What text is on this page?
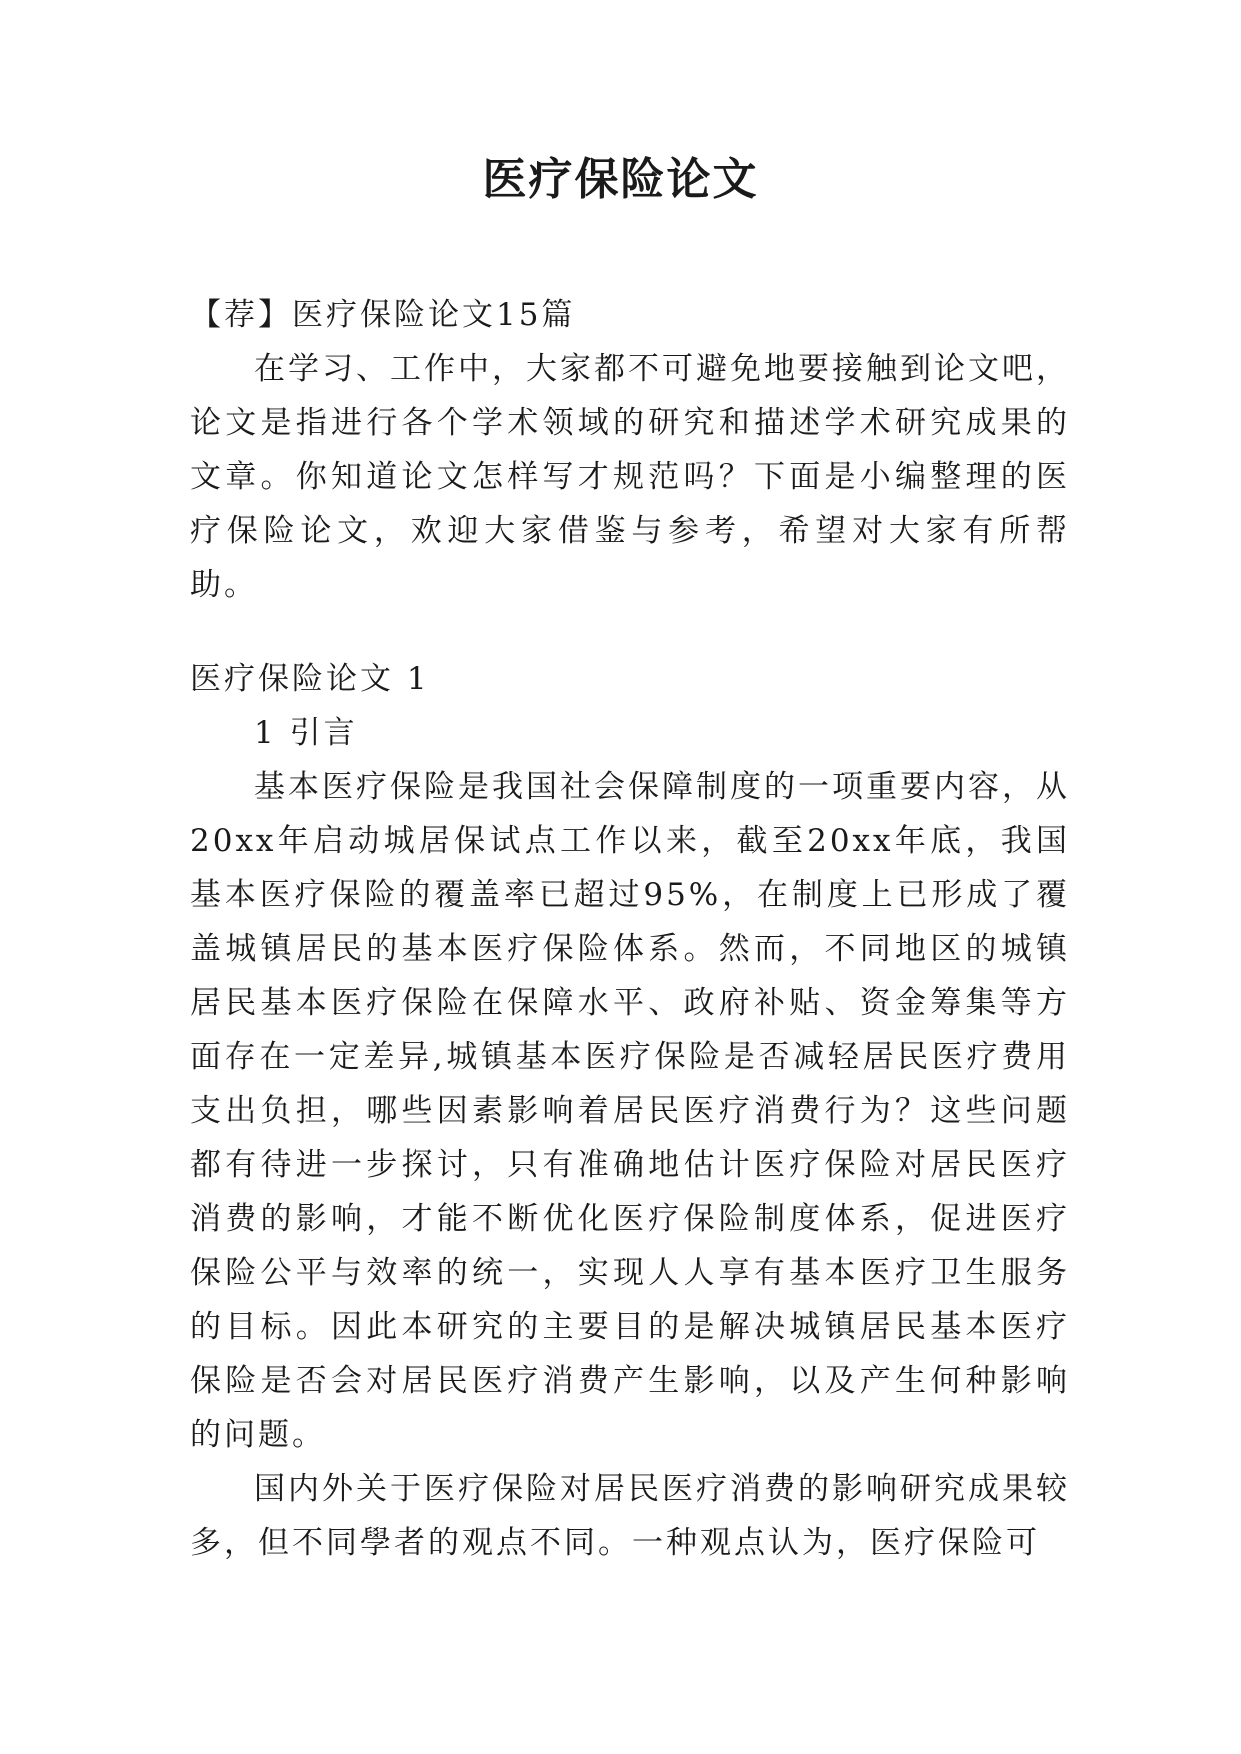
医疗保险论文

【荐】医疗保险论文15篇

在学习、工作中，大家都不可避免地要接触到论文吧，论文是指进行各个学术领域的研究和描述学术研究成果的文章。你知道论文怎样写才规范吗？下面是小编整理的医疗保险论文，欢迎大家借鉴与参考，希望对大家有所帮助。

医疗保险论文 1

1 引言

基本医疗保险是我国社会保障制度的一项重要内容，从20xx年启动城居保试点工作以来，截至20xx年底，我国基本医疗保险的覆盖率已超过95%，在制度上已形成了覆盖城镇居民的基本医疗保险体系。然而，不同地区的城镇居民基本医疗保险在保障水平、政府补贴、资金筹集等方面存在一定差异,城镇基本医疗保险是否减轻居民医疗费用支出负担，哪些因素影响着居民医疗消费行为？这些问题都有待进一步探讨，只有准确地估计医疗保险对居民医疗消费的影响，才能不断优化医疗保险制度体系，促进医疗保险公平与效率的统一，实现人人享有基本医疗卫生服务的目标。因此本研究的主要目的是解决城镇居民基本医疗保险是否会对居民医疗消费产生影响，以及产生何种影响的问题。

国内外关于医疗保险对居民医疗消费的影响研究成果较多，但不同學者的观点不同。一种观点认为，医疗保险可
